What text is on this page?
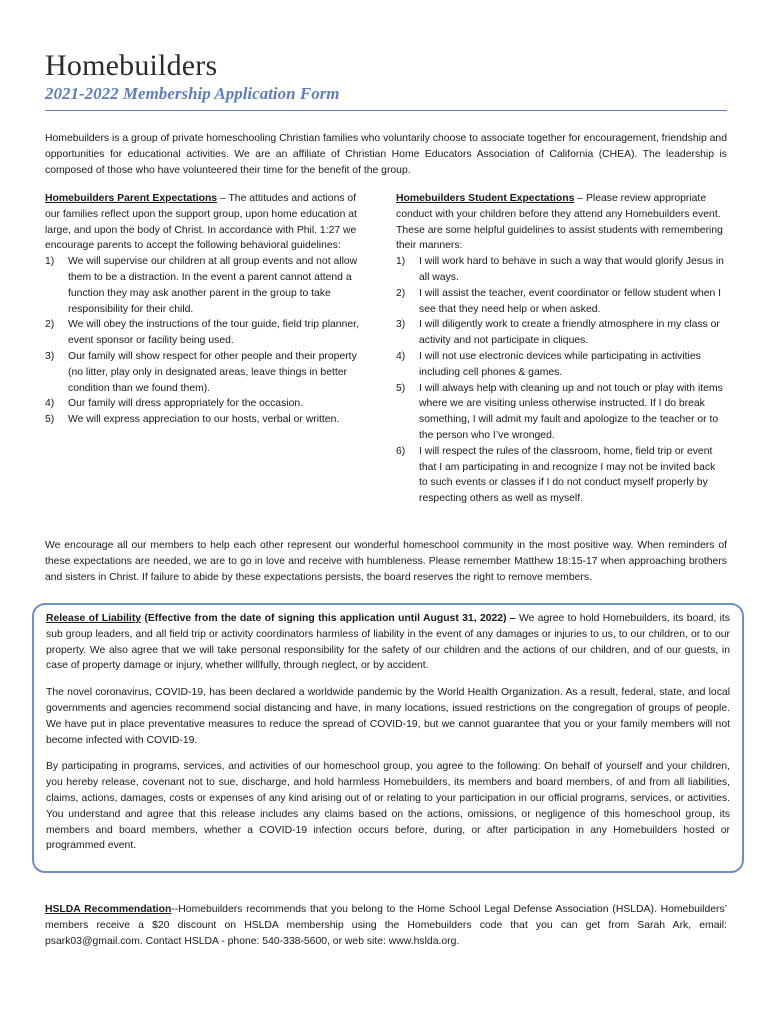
Homebuilders
2021-2022 Membership Application Form

Homebuilders is a group of private homeschooling Christian families who voluntarily choose to associate together for encouragement, friendship and opportunities for educational activities. We are an affiliate of Christian Home Educators Association of California (CHEA). The leadership is composed of those who have volunteered their time for the benefit of the group.

Homebuilders Parent Expectations – The attitudes and actions of our families reflect upon the support group, upon home education at large, and upon the body of Christ. In accordance with Phil. 1:27 we encourage parents to accept the following behavioral guidelines:
1) We will supervise our children at all group events and not allow them to be a distraction. In the event a parent cannot attend a function they may ask another parent in the group to take responsibility for their child.
2) We will obey the instructions of the tour guide, field trip planner, event sponsor or facility being used.
3) Our family will show respect for other people and their property (no litter, play only in designated areas, leave things in better condition than we found them).
4) Our family will dress appropriately for the occasion.
5) We will express appreciation to our hosts, verbal or written.
Homebuilders Student Expectations – Please review appropriate conduct with your children before they attend any Homebuilders event. These are some helpful guidelines to assist students with remembering their manners:
1) I will work hard to behave in such a way that would glorify Jesus in all ways.
2) I will assist the teacher, event coordinator or fellow student when I see that they need help or when asked.
3) I will diligently work to create a friendly atmosphere in my class or activity and not participate in cliques.
4) I will not use electronic devices while participating in activities including cell phones & games.
5) I will always help with cleaning up and not touch or play with items where we are visiting unless otherwise instructed. If I do break something, I will admit my fault and apologize to the teacher or to the person who I’ve wronged.
6) I will respect the rules of the classroom, home, field trip or event that I am participating in and recognize I may not be invited back to such events or classes if I do not conduct myself properly by respecting others as well as myself.

We encourage all our members to help each other represent our wonderful homeschool community in the most positive way. When reminders of these expectations are needed, we are to go in love and receive with humbleness. Please remember Matthew 18:15-17 when approaching brothers and sisters in Christ. If failure to abide by these expectations persists, the board reserves the right to remove members.

Release of Liability (Effective from the date of signing this application until August 31, 2022) – We agree to hold Homebuilders, its board, its sub group leaders, and all field trip or activity coordinators harmless of liability in the event of any damages or injuries to us, to our children, or to our property. We also agree that we will take personal responsibility for the safety of our children and the actions of our children, and of our guests, in case of property damage or injury, whether willfully, through neglect, or by accident.

The novel coronavirus, COVID-19, has been declared a worldwide pandemic by the World Health Organization. As a result, federal, state, and local governments and agencies recommend social distancing and have, in many locations, issued restrictions on the congregation of groups of people. We have put in place preventative measures to reduce the spread of COVID-19, but we cannot guarantee that you or your family members will not become infected with COVID-19.

By participating in programs, services, and activities of our homeschool group, you agree to the following: On behalf of yourself and your children, you hereby release, covenant not to sue, discharge, and hold harmless Homebuilders, its members and board members, of and from all liabilities, claims, actions, damages, costs or expenses of any kind arising out of or relating to your participation in our official programs, services, or activities. You understand and agree that this release includes any claims based on the actions, omissions, or negligence of this homeschool group, its members and board members, whether a COVID-19 infection occurs before, during, or after participation in any Homebuilders hosted or programmed event.

HSLDA Recommendation--Homebuilders recommends that you belong to the Home School Legal Defense Association (HSLDA). Homebuilders’ members receive a $20 discount on HSLDA membership using the Homebuilders code that you can get from Sarah Ark, email: psark03@gmail.com. Contact HSLDA - phone: 540-338-5600, or web site: www.hslda.org.
